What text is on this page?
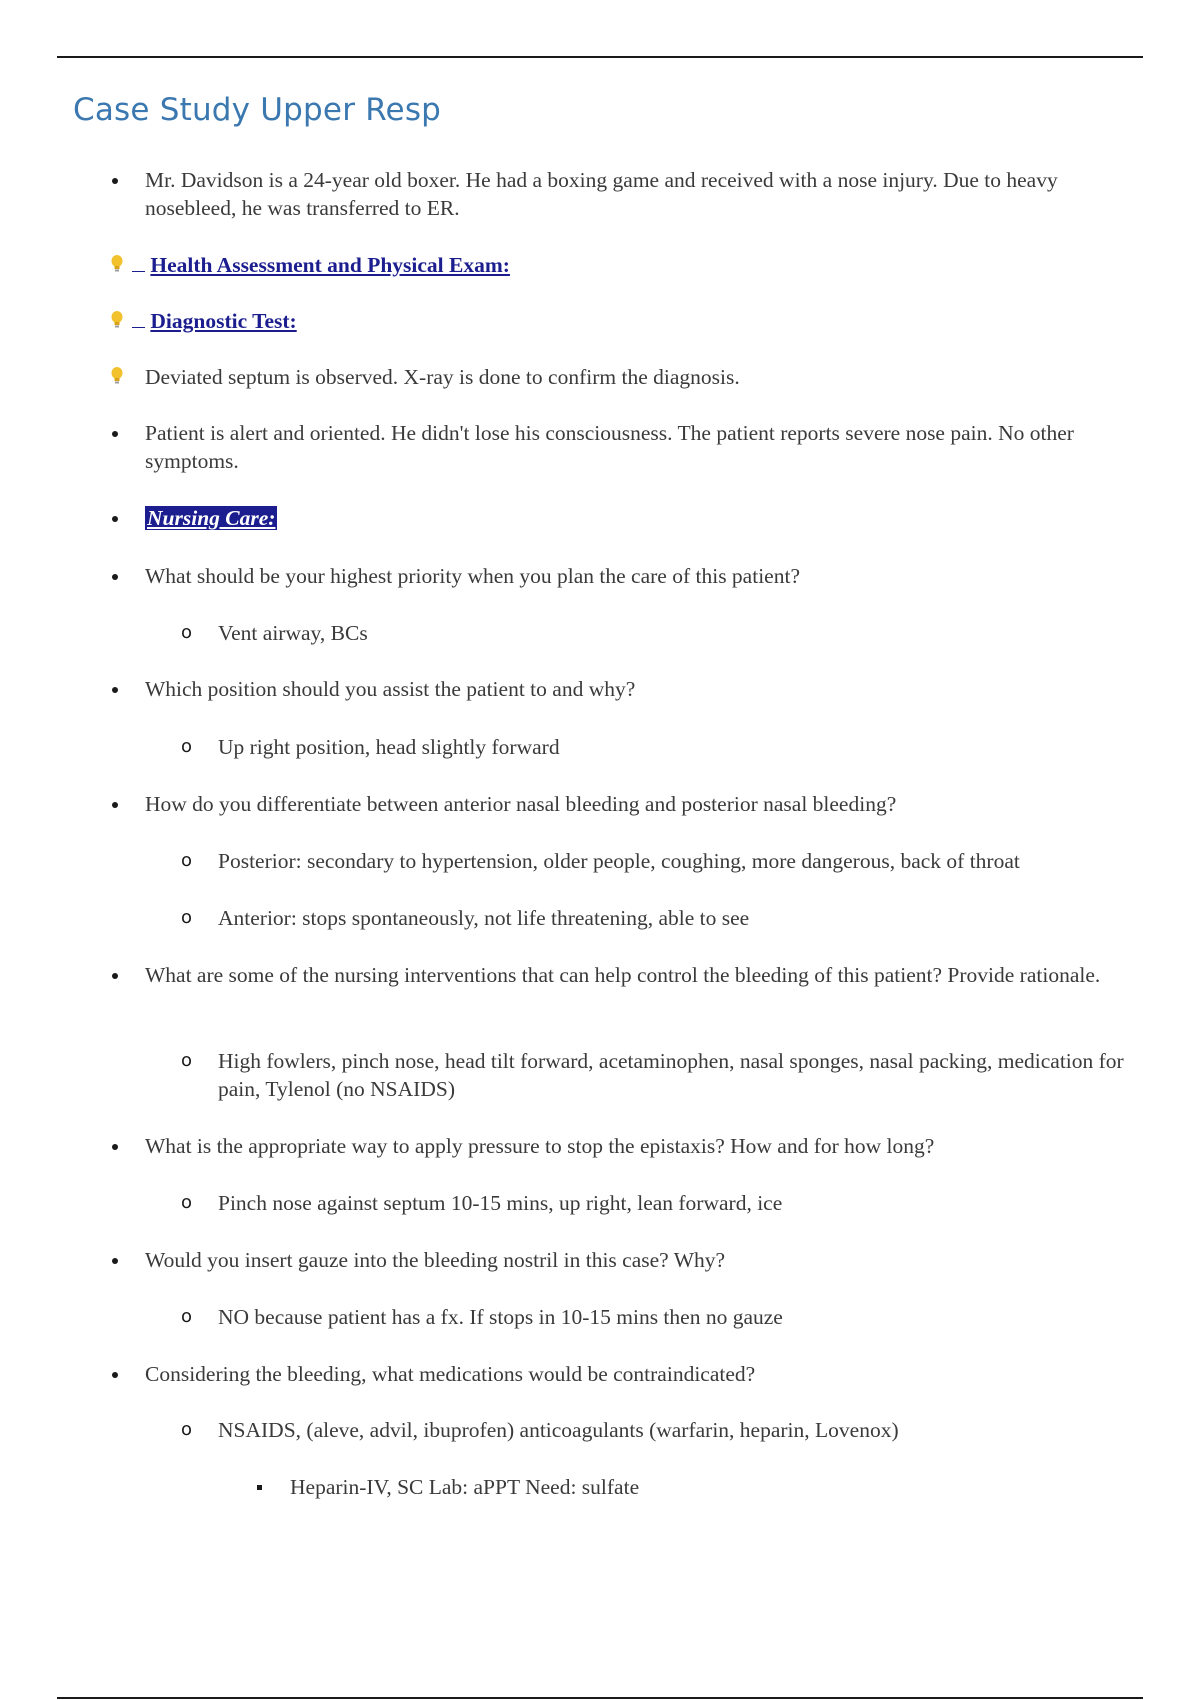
Case Study Upper Resp
Mr. Davidson is a 24-year old boxer. He had a boxing game and received with a nose injury. Due to heavy nosebleed, he was transferred to ER.
Health Assessment and Physical Exam:
Diagnostic Test:
Deviated septum is observed. X-ray is done to confirm the diagnosis.
Patient is alert and oriented. He didn't lose his consciousness. The patient reports severe nose pain. No other symptoms.
Nursing Care:
What should be your highest priority when you plan the care of this patient?
o Vent airway, BCs
Which position should you assist the patient to and why?
o Up right position, head slightly forward
How do you differentiate between anterior nasal bleeding and posterior nasal bleeding?
o Posterior: secondary to hypertension, older people, coughing, more dangerous, back of throat
o Anterior: stops spontaneously, not life threatening, able to see
What are some of the nursing interventions that can help control the bleeding of this patient? Provide rationale.
o High fowlers, pinch nose, head tilt forward, acetaminophen, nasal sponges, nasal packing, medication for pain, Tylenol (no NSAIDS)
What is the appropriate way to apply pressure to stop the epistaxis? How and for how long?
o Pinch nose against septum 10-15 mins, up right, lean forward, ice
Would you insert gauze into the bleeding nostril in this case? Why?
o NO because patient has a fx. If stops in 10-15 mins then no gauze
Considering the bleeding, what medications would be contraindicated?
o NSAIDS, (aleve, advil, ibuprofen) anticoagulants (warfarin, heparin, Lovenox)
Heparin-IV, SC Lab: aPPT Need: sulfate
